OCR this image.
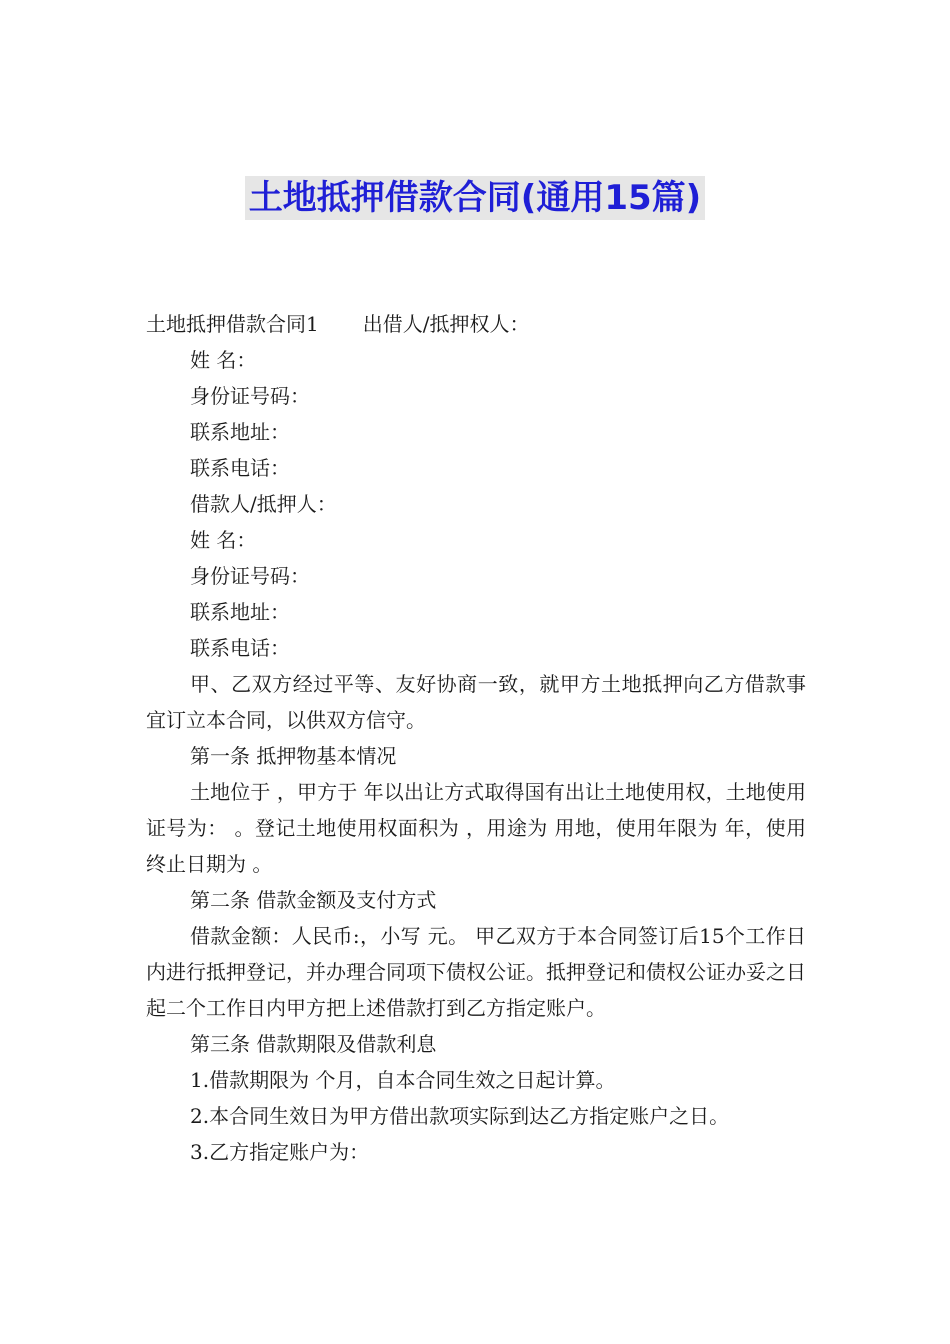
土地抵押借款合同(通用15篇)

土地抵押借款合同1 出借人/抵押权人：

姓 名：

身份证号码：

联系地址：

联系电话：

借款人/抵押人：

姓 名：

身份证号码：

联系地址：

联系电话：

甲、乙双方经过平等、友好协商一致，就甲方土地抵押向乙方借款事宜订立本合同，以供双方信守。

第一条 抵押物基本情况

土地位于 ，甲方于 年以出让方式取得国有出让土地使用权，土地使用证号为： 。登记土地使用权面积为 ，用途为 用地，使用年限为 年，使用终止日期为 。

第二条 借款金额及支付方式

借款金额：人民币:，小写 元。 甲乙双方于本合同签订后15个工作日内进行抵押登记，并办理合同项下债权公证。抵押登记和债权公证办妥之日起二个工作日内甲方把上述借款打到乙方指定账户。

第三条 借款期限及借款利息

1.借款期限为 个月，自本合同生效之日起计算。

2.本合同生效日为甲方借出款项实际到达乙方指定账户之日。

3.乙方指定账户为：
